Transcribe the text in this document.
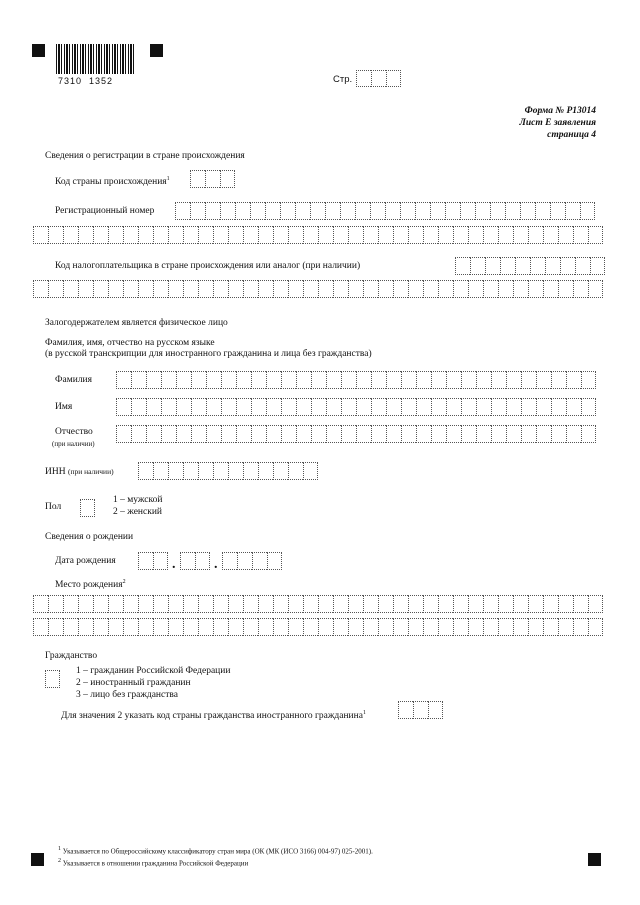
7310  1352	Стр.
Форма № Р13014
Лист Е заявления
страница 4
Сведения о регистрации в стране происхождения
Код страны происхождения$^1$
Регистрационный номер
Код налогоплательщика в стране происхождения или аналог (при наличии)
Залогодержателем является физическое лицо
Фамилия, имя, отчество на русском языке
(в русской транскрипции для иностранного гражданина и лица без гражданства)
Фамилия
Имя
Отчество
(при наличии)
ИНН (при наличии)
Пол
1 – мужской
2 – женский
Сведения о рождении
Дата рождения	.	.
Место рождения$^2$
Гражданство
1 – гражданин Российской Федерации
2 – иностранный гражданин
3 – лицо без гражданства
Для значения 2 указать код страны гражданства иностранного гражданина$^1$
$^1$ Указывается по Общероссийскому классификатору стран мира (ОК (МК (ИСО 3166) 004-97) 025-2001).
$^2$ Указывается в отношении гражданина Российской Федерации
